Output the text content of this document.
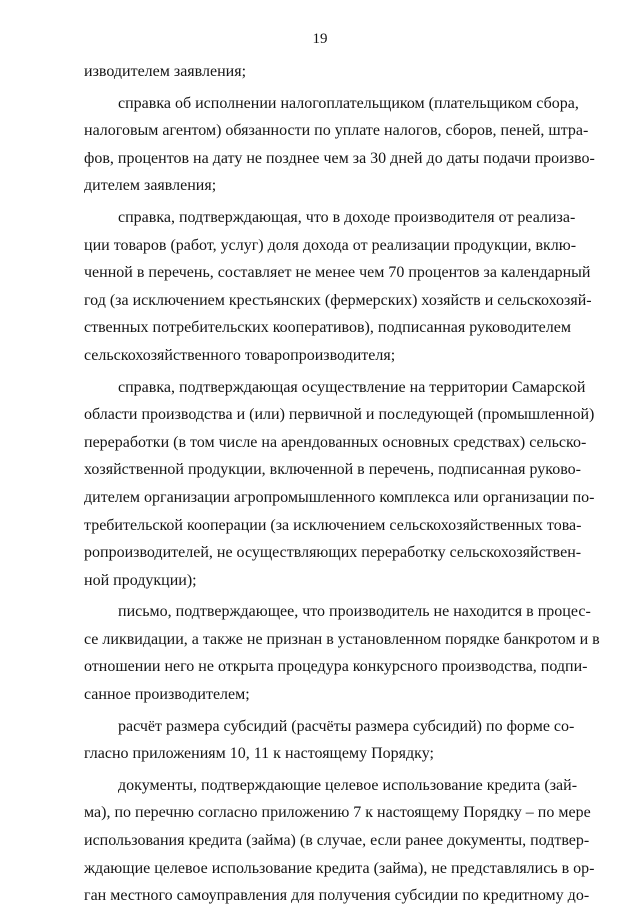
19
изводителем заявления;
справка об исполнении налогоплательщиком (плательщиком сбора,
налоговым агентом) обязанности по уплате налогов, сборов, пеней, штра-
фов, процентов на дату не позднее чем за 30 дней до даты подачи произво-
дителем заявления;
справка, подтверждающая, что в доходе производителя от реализа-
ции товаров (работ, услуг) доля дохода от реализации продукции, вклю-
ченной в перечень, составляет не менее чем 70 процентов за календарный
год (за исключением крестьянских (фермерских) хозяйств и сельскохозяй-
ственных потребительских кооперативов), подписанная руководителем
сельскохозяйственного товаропроизводителя;
справка, подтверждающая осуществление на территории Самарской
области производства и (или) первичной и последующей (промышленной)
переработки (в том числе на арендованных основных средствах) сельско-
хозяйственной продукции, включенной в перечень, подписанная руково-
дителем организации агропромышленного комплекса или организации по-
требительской кооперации (за исключением сельскохозяйственных това-
ропроизводителей, не осуществляющих переработку сельскохозяйствен-
ной продукции);
письмо, подтверждающее, что производитель не находится в процес-
се ликвидации, а также не признан в установленном порядке банкротом и в
отношении него не открыта процедура конкурсного производства, подпи-
санное производителем;
расчёт размера субсидий (расчёты размера субсидий) по форме со-
гласно приложениям 10, 11 к настоящему Порядку;
документы, подтверждающие целевое использование кредита (зай-
ма), по перечню согласно приложению 7 к настоящему Порядку – по мере
использования кредита (займа) (в случае, если ранее документы, подтвер-
ждающие целевое использование кредита (займа), не представлялись в ор-
ган местного самоуправления для получения субсидии по кредитному до-
